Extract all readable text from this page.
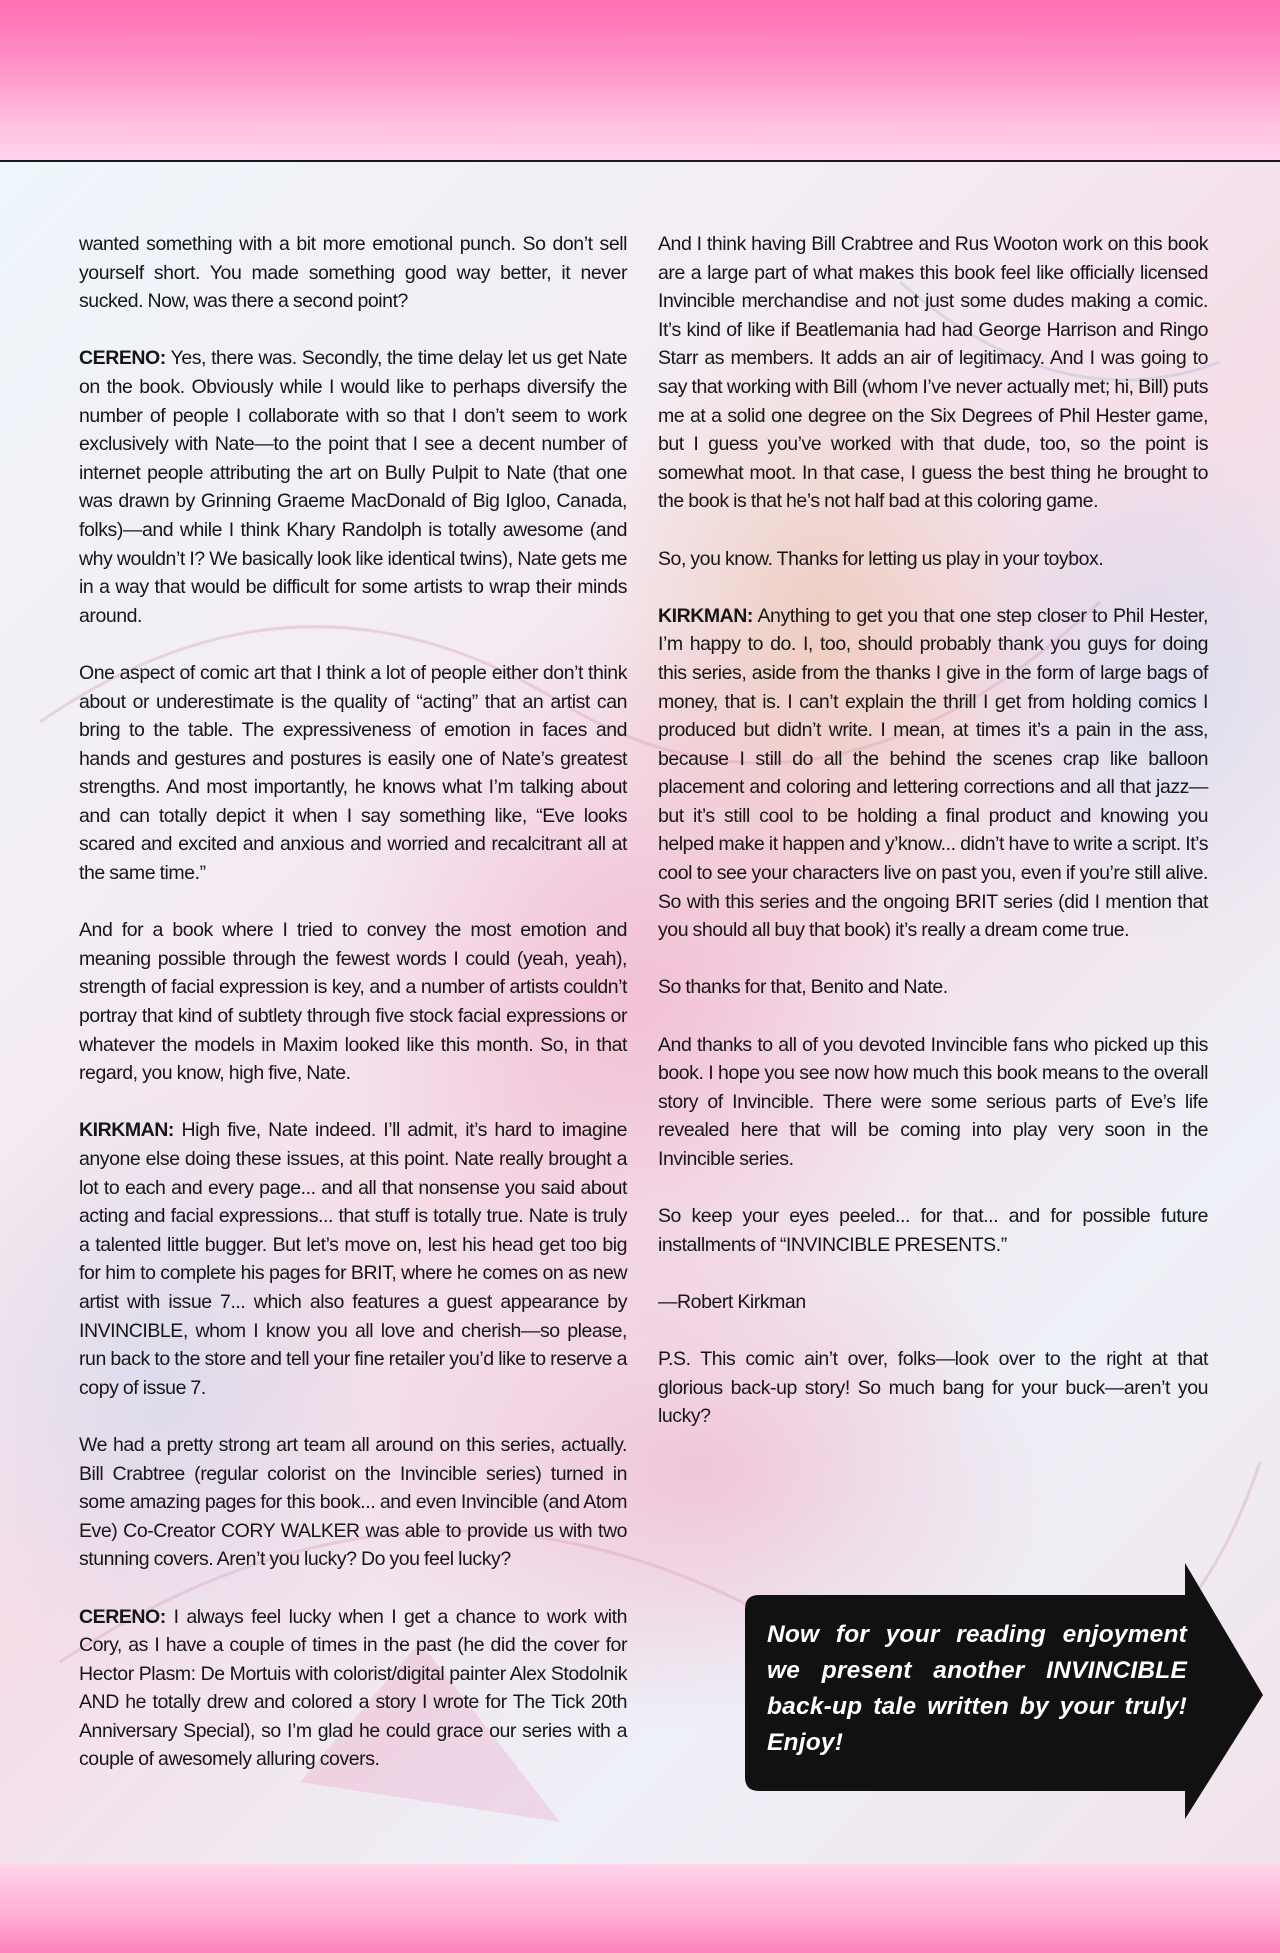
wanted something with a bit more emotional punch. So don’t sell yourself short. You made something good way better, it never sucked. Now, was there a second point?

CERENO: Yes, there was. Secondly, the time delay let us get Nate on the book. Obviously while I would like to perhaps diversify the number of people I collaborate with so that I don’t seem to work exclusively with Nate—to the point that I see a decent number of internet people attributing the art on Bully Pulpit to Nate (that one was drawn by Grinning Graeme MacDonald of Big Igloo, Canada, folks)—and while I think Khary Randolph is totally awesome (and why wouldn’t I? We basically look like identical twins), Nate gets me in a way that would be difficult for some artists to wrap their minds around.

One aspect of comic art that I think a lot of people either don’t think about or underestimate is the quality of “acting” that an artist can bring to the table. The expressiveness of emotion in faces and hands and gestures and postures is easily one of Nate’s greatest strengths. And most importantly, he knows what I’m talking about and can totally depict it when I say something like, “Eve looks scared and excited and anxious and worried and recalcitrant all at the same time.”

And for a book where I tried to convey the most emotion and meaning possible through the fewest words I could (yeah, yeah), strength of facial expression is key, and a number of artists couldn’t portray that kind of subtlety through five stock facial expressions or whatever the models in Maxim looked like this month. So, in that regard, you know, high five, Nate.

KIRKMAN: High five, Nate indeed. I’ll admit, it’s hard to imagine anyone else doing these issues, at this point. Nate really brought a lot to each and every page... and all that nonsense you said about acting and facial expressions... that stuff is totally true. Nate is truly a talented little bugger. But let’s move on, lest his head get too big for him to complete his pages for BRIT, where he comes on as new artist with issue 7... which also features a guest appearance by INVINCIBLE, whom I know you all love and cherish—so please, run back to the store and tell your fine retailer you’d like to reserve a copy of issue 7.

We had a pretty strong art team all around on this series, actually. Bill Crabtree (regular colorist on the Invincible series) turned in some amazing pages for this book... and even Invincible (and Atom Eve) Co-Creator CORY WALKER was able to provide us with two stunning covers. Aren’t you lucky? Do you feel lucky?

CERENO: I always feel lucky when I get a chance to work with Cory, as I have a couple of times in the past (he did the cover for Hector Plasm: De Mortuis with colorist/digital painter Alex Stodolnik AND he totally drew and colored a story I wrote for The Tick 20th Anniversary Special), so I’m glad he could grace our series with a couple of awesomely alluring covers.

And I think having Bill Crabtree and Rus Wooton work on this book are a large part of what makes this book feel like officially licensed Invincible merchandise and not just some dudes making a comic. It’s kind of like if Beatlemania had had George Harrison and Ringo Starr as members. It adds an air of legitimacy. And I was going to say that working with Bill (whom I’ve never actually met; hi, Bill) puts me at a solid one degree on the Six Degrees of Phil Hester game, but I guess you’ve worked with that dude, too, so the point is somewhat moot. In that case, I guess the best thing he brought to the book is that he’s not half bad at this coloring game.

So, you know. Thanks for letting us play in your toybox.

KIRKMAN: Anything to get you that one step closer to Phil Hester, I’m happy to do. I, too, should probably thank you guys for doing this series, aside from the thanks I give in the form of large bags of money, that is. I can’t explain the thrill I get from holding comics I produced but didn’t write. I mean, at times it’s a pain in the ass, because I still do all the behind the scenes crap like balloon placement and coloring and lettering corrections and all that jazz—but it’s still cool to be holding a final product and knowing you helped make it happen and y’know... didn’t have to write a script. It’s cool to see your characters live on past you, even if you’re still alive. So with this series and the ongoing BRIT series (did I mention that you should all buy that book) it’s really a dream come true.

So thanks for that, Benito and Nate.

And thanks to all of you devoted Invincible fans who picked up this book. I hope you see now how much this book means to the overall story of Invincible. There were some serious parts of Eve’s life revealed here that will be coming into play very soon in the Invincible series.

So keep your eyes peeled... for that... and for possible future installments of “INVINCIBLE PRESENTS.”

—Robert Kirkman

P.S. This comic ain’t over, folks—look over to the right at that glorious back-up story! So much bang for your buck—aren’t you lucky?

Now for your reading enjoyment we present another INVINCIBLE back-up tale written by your truly! Enjoy!
